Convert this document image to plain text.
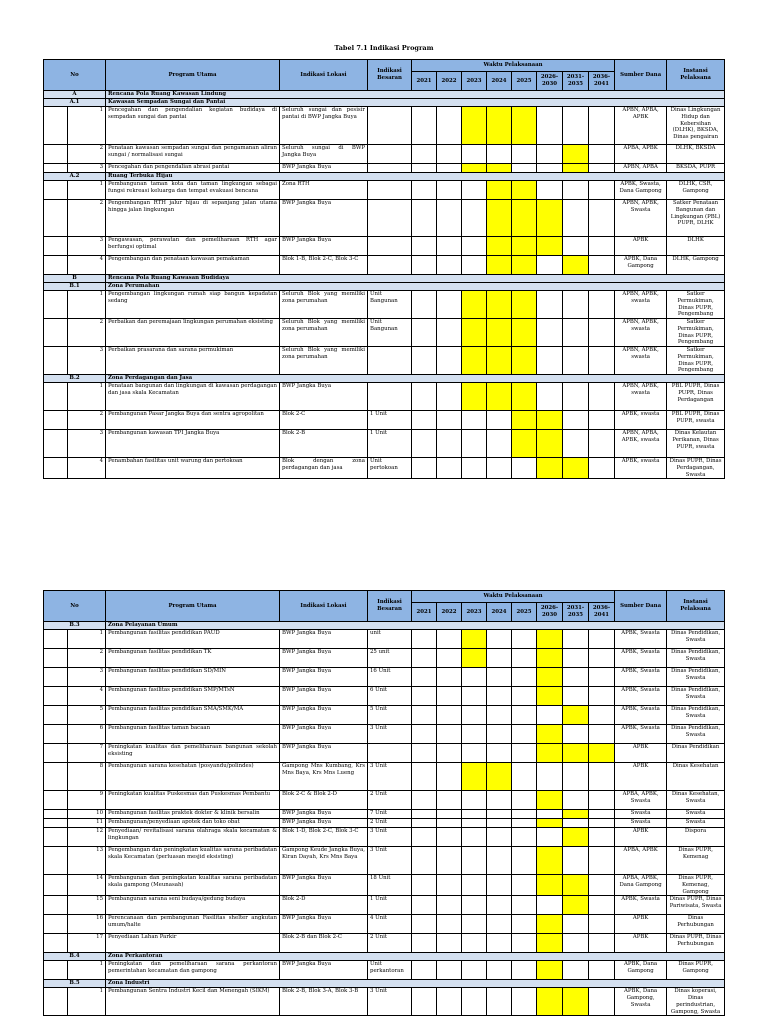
Tabel 7.1 Indikasi Program
No		Program Utama	Indikasi Lokasi	Indikasi Besaran	Waktu Pelaksanaan								Sumber Dana	Instansi Pelaksana
					2021	2022	2023	2024	2025	2026-2030	2031-2035	2036-2041		
A		Rencana Pola Ruang Kawasan Lindung												
A.1		Kawasan Sempadan Sungai dan Pantai												
	1	Pencegahan dan pengendalian kegiatan budidaya di sempadan sungai dan pantai	Seluruh sungai dan pesisir pantai di BWP Jangka Buya										APBN, APBA, APBK	Dinas Lingkungan Hidup dan Kebersihan (DLHK), BKSDA, Dinas pengairan
	2	Penataan kawasan sempadan sungai dan pengamanan aliran sungai / normalisasi sungai	Seluruh sungai di BWP Jangka Buya										APBA, APBK	DLHK, BKSDA
	3	Pencegahan dan pengendalian abrasi pantai	BWP Jangka Buya										APBN, APBA	BKSDA, PUPR
A.2		Ruang Terbuka Hijau												
	1	Pembangunan taman kota dan taman lingkungan sebagai fungsi rekreasi keluarga dan tempat evakuasi bencana	Zona RTH										APBK, Swasta, Dana Gampong	DLHK, CSR, Gampong
	2	Pengembangan RTH jalur hijau di sepanjang jalan utama hingga jalan lingkungan	BWP Jangka Buya										APBN, APBK, Swasta	Satker Penataan Bangunan dan Lingkungan (PBL) PUPR, DLHK
	3	Pengawasan, perawatan dan pemeliharaan RTH agar berfungsi optimal	BWP Jangka Buya										APBK	DLHK
	4	Pengembangan dan penataan kawasan pemakaman	Blok 1-B, Blok 2-C, Blok 3-C										APBK, Dana Gampong	DLHK, Gampong
B		Rencana Pola Ruang Kawasan Budidaya												
B.1		Zona Perumahan												
	1	Pengembangan lingkungan rumah siap bangun kepadatan sedang	Seluruh Blok yang memiliki zona perumahan	Unit Bangunan									APBN, APBK, swasta	Satker Permukiman, Dinas PUPR, Pengembang
	2	Perbaikan dan peremajaan lingkungan perumahan eksisting	Seluruh Blok yang memiliki zona perumahan	Unit Bangunan									APBN, APBK, swasta	Satker Permukiman, Dinas PUPR, Pengembang
	3	Perbaikan prasarana dan sarana permukiman	Seluruh Blok yang memiliki zona perumahan										APBN, APBK, swasta	Satker Permukiman, Dinas PUPR, Pengembang
B.2		Zona Perdagangan dan Jasa												
	1	Penataan bangunan dan lingkungan di kawasan perdagangan dan jasa skala Kecamatan	BWP Jangka Buya										APBN, APBK, swasta	PBL PUPR, Dinas PUPR, Dinas Perdagangan
	2	Pembangunan Pasar Jangka Buya dan sentra agropolitan	Blok 2-C	1 Unit									APBK, swasta	PBL PUPR, Dinas PUPR, swasta
	3	Pembangunan kawasan TPI Jangka Buya	Blok 2-B	1 Unit									APBN, APBA, APBK, swasta	Dinas Kelautan Perikanan, Dinas PUPR, swasta
	4	Penambahan fasilitas unit warung dan pertokoan	Blok dengan zona perdagangan dan jasa	Unit pertokoan									APBK, swasta	Dinas PUPR, Dinas Perdagangan, Swasta
No		Program Utama	Indikasi Lokasi	Indikasi Besaran	Waktu Pelaksanaan								Sumber Dana	Instansi Pelaksana
					2021	2022	2023	2024	2025	2026-2030	2031-2035	2036-2041		
B.3		Zona Pelayanan Umum												
	1	Pembangunan fasilitas pendidikan PAUD	BWP Jangka Buya	unit									APBK, Swasta	Dinas Pendidikan, Swasta
	2	Pembangunan fasilitas pendidikan TK	BWP Jangka Buya	25 unit									APBK, Swasta	Dinas Pendidikan, Swasta
	3	Pembangunan fasilitas pendidikan SD/MIN	BWP Jangka Buya	16 Unit									APBK, Swasta	Dinas Pendidikan, Swasta
	4	Pembangunan fasilitas pendidikan SMP/MTsN	BWP Jangka Buya	6 Unit									APBK, Swasta	Dinas Pendidikan, Swasta
	5	Pembangunan fasilitas pendidikan SMA/SMK/MA	BWP Jangka Buya	5 Unit									APBK, Swasta	Dinas Pendidikan, Swasta
	6	Pembangunan fasilitas taman bacaan	BWP Jangka Buya	3 Unit									APBK, Swasta	Dinas Pendidikan, Swasta
	7	Peningkatan kualitas dan pemeliharaan bangunan sekolah eksisting	BWP Jangka Buya										APBK	Dinas Pendidikan
	8	Pembangunan sarana kesehatan (posyandu/polindes)	Gampong Mns Kumbang, Krs Mns Baya, Krs Mns Lueng	3 Unit									APBK	Dinas Kesehatan
	9	Peningkatan kualitas Puskesmas dan Puskesmas Pembantu	Blok 2-C & Blok 2-D	2 Unit									APBA, APBK, Swasta	Dinas Kesehatan, Swasta
	10	Pembangunan fasilitas praktek dokter & klinik bersalin	BWP Jangka Buya	7 Unit									Swasta	Swasta
	11	Pembangunan/penyediaan apotek dan toko obat	BWP Jangka Buya	2 Unit									Swasta	Swasta
	12	Penyediaan/ revitalisasi sarana olahraga skala kecamatan & lingkungan	Blok 1-D, Blok 2-C, Blok 3-C	3 Unit									APBK	Dispora
	13	Pengembangan dan peningkatan kualitas sarana peribadatan skala Kecamatan (perluasan mesjid eksisting)	Gampong Keude Jangka Buya, Kiran Dayah, Krs Mns Baya	3 Unit									APBA, APBK	Dinas PUPR, Kemenag
	14	Pembangunan dan peningkatan kualitas sarana peribadatan skala gampong (Meunasah)	BWP Jangka Buya	18 Unit									APBA, APBK, Dana Gampong	Dinas PUPR, Kemenag, Gampong
	15	Pembangunan sarana seni budaya/gedung budaya	Blok 2-D	1 Unit									APBK, Swasta	Dinas PUPR, Dinas Pariwisata, Swasta
	16	Perencanaan dan pembangunan Fasilitas shelter angkutan umum/halte	BWP Jangka Buya	4 Unit									APBK	Dinas Perhubungan
	17	Penyediaan Lahan Parkir	Blok 2-B dan Blok 2-C	2 Unit									APBK	Dinas PUPR, Dinas Perhubungan
B.4		Zona Perkantoran												
	1	Peningkatan dan pemeliharaan sarana perkantoran pemerintahan kecamatan dan gampong	BWP Jangka Buya	Unit perkantoran									APBK, Dana Gampong	Dinas PUPR, Gampong
B.5		Zona Industri												
	1	Pembangunan Sentra Industri Kecil dan Menengah (SIKM)	Blok 2-B, Blok 3-A, Blok 3-B	3 Unit									APBK, Dana Gampong, Swasta	Dinas koperasi, Dinas perindustrian, Gampong, Swasta
